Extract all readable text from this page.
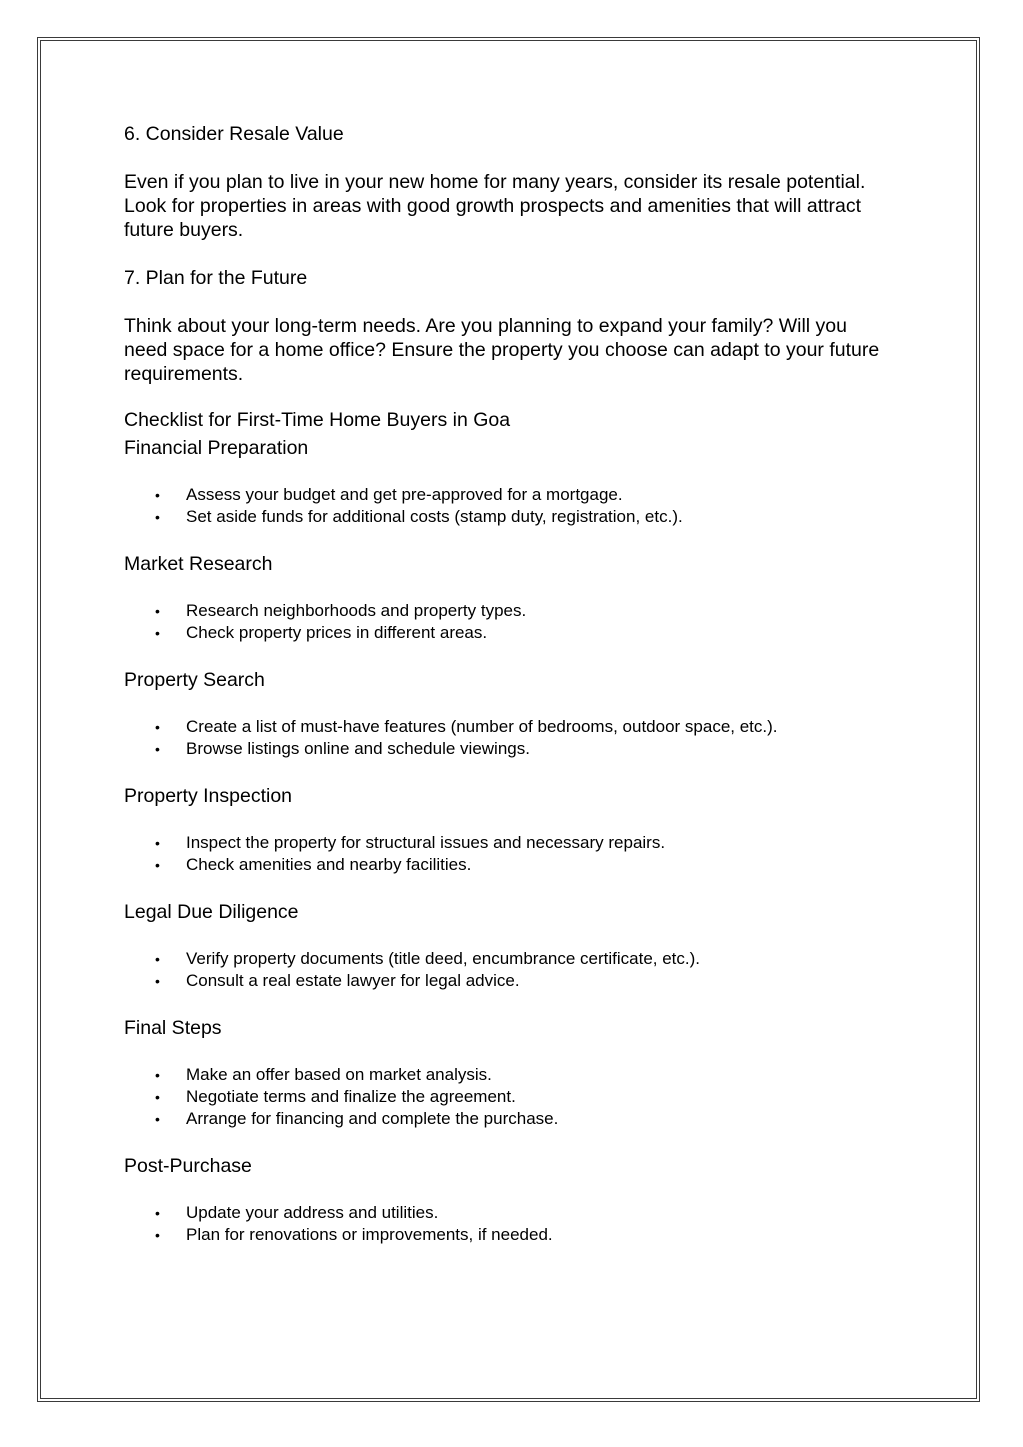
6. Consider Resale Value

Even if you plan to live in your new home for many years, consider its resale potential. Look for properties in areas with good growth prospects and amenities that will attract future buyers.

7. Plan for the Future

Think about your long-term needs. Are you planning to expand your family? Will you need space for a home office? Ensure the property you choose can adapt to your future requirements.

Checklist for First-Time Home Buyers in Goa

Financial Preparation

• Assess your budget and get pre-approved for a mortgage.
• Set aside funds for additional costs (stamp duty, registration, etc.).

Market Research

• Research neighborhoods and property types.
• Check property prices in different areas.

Property Search

• Create a list of must-have features (number of bedrooms, outdoor space, etc.).
• Browse listings online and schedule viewings.

Property Inspection

• Inspect the property for structural issues and necessary repairs.
• Check amenities and nearby facilities.

Legal Due Diligence

• Verify property documents (title deed, encumbrance certificate, etc.).
• Consult a real estate lawyer for legal advice.

Final Steps

• Make an offer based on market analysis.
• Negotiate terms and finalize the agreement.
• Arrange for financing and complete the purchase.

Post-Purchase

• Update your address and utilities.
• Plan for renovations or improvements, if needed.
